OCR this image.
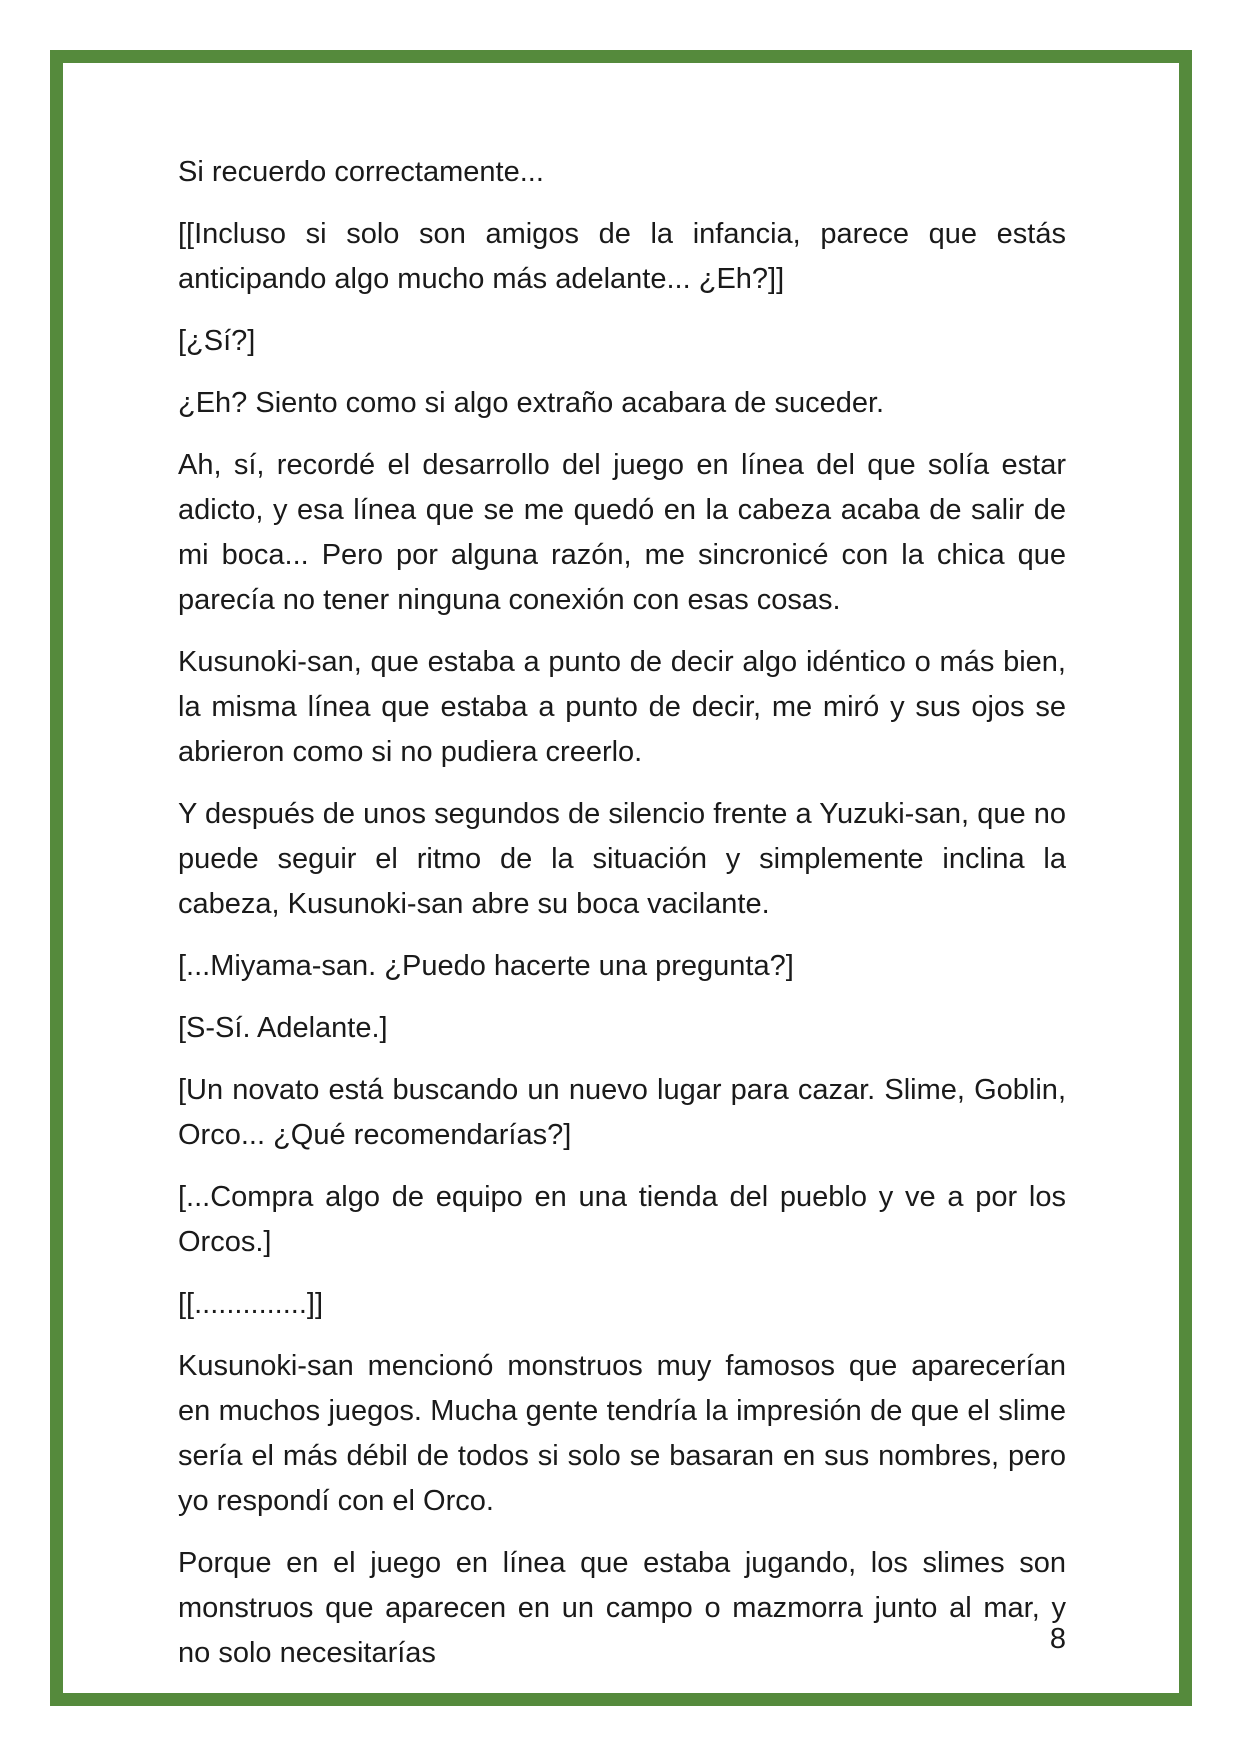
Si recuerdo correctamente...

[[Incluso si solo son amigos de la infancia, parece que estás anticipando algo mucho más adelante... ¿Eh?]]

[¿Sí?]

¿Eh? Siento como si algo extraño acabara de suceder.

Ah, sí, recordé el desarrollo del juego en línea del que solía estar adicto, y esa línea que se me quedó en la cabeza acaba de salir de mi boca... Pero por alguna razón, me sincronicé con la chica que parecía no tener ninguna conexión con esas cosas.

Kusunoki-san, que estaba a punto de decir algo idéntico o más bien, la misma línea que estaba a punto de decir, me miró y sus ojos se abrieron como si no pudiera creerlo.

Y después de unos segundos de silencio frente a Yuzuki-san, que no puede seguir el ritmo de la situación y simplemente inclina la cabeza, Kusunoki-san abre su boca vacilante.

[...Miyama-san. ¿Puedo hacerte una pregunta?]

[S-Sí. Adelante.]

[Un novato está buscando un nuevo lugar para cazar. Slime, Goblin, Orco... ¿Qué recomendarías?]

[...Compra algo de equipo en una tienda del pueblo y ve a por los Orcos.]

[[..............]]

Kusunoki-san mencionó monstruos muy famosos que aparecerían en muchos juegos. Mucha gente tendría la impresión de que el slime sería el más débil de todos si solo se basaran en sus nombres, pero yo respondí con el Orco.

Porque en el juego en línea que estaba jugando, los slimes son monstruos que aparecen en un campo o mazmorra junto al mar, y no solo necesitarías	8
